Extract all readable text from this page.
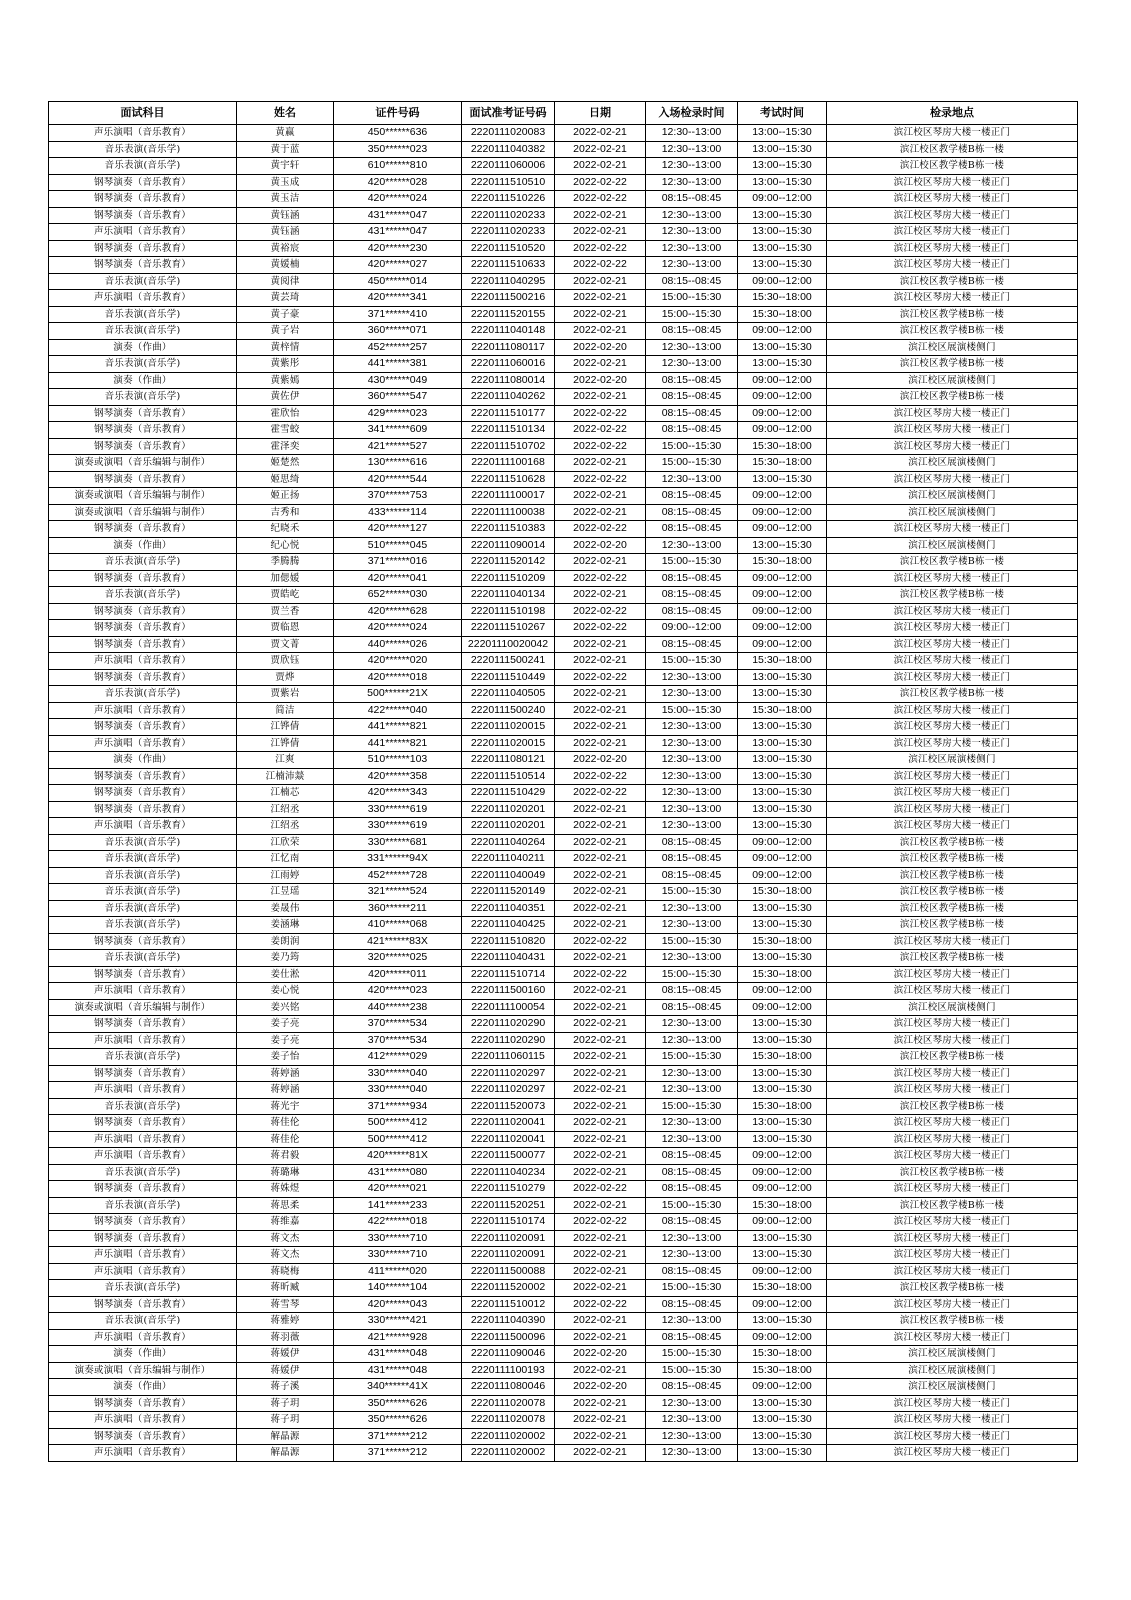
面试科目	姓名	证件号码	面试准考证号码	日期	入场检录时间	考试时间	检录地点
声乐演唱（音乐教育）	黄赢	450******636	2220111020083	2022-02-21	12:30--13:00	13:00--15:30	滨江校区琴房大楼一楼正门
音乐表演(音乐学)	黄于蓝	350******023	2220111040382	2022-02-21	12:30--13:00	13:00--15:30	滨江校区教学楼B栋一楼
音乐表演(音乐学)	黄宇轩	610******810	2220111060006	2022-02-21	12:30--13:00	13:00--15:30	滨江校区教学楼B栋一楼
钢琴演奏（音乐教育）	黄玉成	420******028	2220111510510	2022-02-22	12:30--13:00	13:00--15:30	滨江校区琴房大楼一楼正门
钢琴演奏（音乐教育）	黄玉洁	420******024	2220111510226	2022-02-22	08:15--08:45	09:00--12:00	滨江校区琴房大楼一楼正门
钢琴演奏（音乐教育）	黄钰涵	431******047	2220111020233	2022-02-21	12:30--13:00	13:00--15:30	滨江校区琴房大楼一楼正门
声乐演唱（音乐教育）	黄钰涵	431******047	2220111020233	2022-02-21	12:30--13:00	13:00--15:30	滨江校区琴房大楼一楼正门
钢琴演奏（音乐教育）	黄裕宸	420******230	2220111510520	2022-02-22	12:30--13:00	13:00--15:30	滨江校区琴房大楼一楼正门
钢琴演奏（音乐教育）	黄媛楠	420******027	2220111510633	2022-02-22	12:30--13:00	13:00--15:30	滨江校区琴房大楼一楼正门
音乐表演(音乐学)	黄阅律	450******014	2220111040295	2022-02-21	08:15--08:45	09:00--12:00	滨江校区教学楼B栋一楼
声乐演唱（音乐教育）	黄芸琦	420******341	2220111500216	2022-02-21	15:00--15:30	15:30--18:00	滨江校区琴房大楼一楼正门
音乐表演(音乐学)	黄子豪	371******410	2220111520155	2022-02-21	15:00--15:30	15:30--18:00	滨江校区教学楼B栋一楼
音乐表演(音乐学)	黄子岩	360******071	2220111040148	2022-02-21	08:15--08:45	09:00--12:00	滨江校区教学楼B栋一楼
演奏（作曲）	黄梓情	452******257	2220111080117	2022-02-20	12:30--13:00	13:00--15:30	滨江校区展演楼侧门
音乐表演(音乐学)	黄紫彤	441******381	2220111060016	2022-02-21	12:30--13:00	13:00--15:30	滨江校区教学楼B栋一楼
演奏（作曲）	黄紫嫣	430******049	2220111080014	2022-02-20	08:15--08:45	09:00--12:00	滨江校区展演楼侧门
音乐表演(音乐学)	黄佐伊	360******547	2220111040262	2022-02-21	08:15--08:45	09:00--12:00	滨江校区教学楼B栋一楼
钢琴演奏（音乐教育）	霍欣怡	429******023	2220111510177	2022-02-22	08:15--08:45	09:00--12:00	滨江校区琴房大楼一楼正门
钢琴演奏（音乐教育）	霍雪蛟	341******609	2220111510134	2022-02-22	08:15--08:45	09:00--12:00	滨江校区琴房大楼一楼正门
钢琴演奏（音乐教育）	霍泽奕	421******527	2220111510702	2022-02-22	15:00--15:30	15:30--18:00	滨江校区琴房大楼一楼正门
演奏或演唱（音乐编辑与制作）	姬楚然	130******616	2220111100168	2022-02-21	15:00--15:30	15:30--18:00	滨江校区展演楼侧门
钢琴演奏（音乐教育）	姬思绮	420******544	2220111510628	2022-02-22	12:30--13:00	13:00--15:30	滨江校区琴房大楼一楼正门
演奏或演唱（音乐编辑与制作）	姬正扬	370******753	2220111100017	2022-02-21	08:15--08:45	09:00--12:00	滨江校区展演楼侧门
演奏或演唱（音乐编辑与制作）	吉秀和	433******114	2220111100038	2022-02-21	08:15--08:45	09:00--12:00	滨江校区展演楼侧门
钢琴演奏（音乐教育）	纪晓禾	420******127	2220111510383	2022-02-22	08:15--08:45	09:00--12:00	滨江校区琴房大楼一楼正门
演奏（作曲）	纪心悦	510******045	2220111090014	2022-02-20	12:30--13:00	13:00--15:30	滨江校区展演楼侧门
音乐表演(音乐学)	季腾腾	371******016	2220111520142	2022-02-21	15:00--15:30	15:30--18:00	滨江校区教学楼B栋一楼
钢琴演奏（音乐教育）	加偲媛	420******041	2220111510209	2022-02-22	08:15--08:45	09:00--12:00	滨江校区琴房大楼一楼正门
音乐表演(音乐学)	贾皓屹	652******030	2220111040134	2022-02-21	08:15--08:45	09:00--12:00	滨江校区教学楼B栋一楼
钢琴演奏（音乐教育）	贾兰香	420******628	2220111510198	2022-02-22	08:15--08:45	09:00--12:00	滨江校区琴房大楼一楼正门
钢琴演奏（音乐教育）	贾临恩	420******024	2220111510267	2022-02-22	09:00--12:00	09:00--12:00	滨江校区琴房大楼一楼正门
钢琴演奏（音乐教育）	贾文菁	440******026	22201110020042	2022-02-21	08:15--08:45	09:00--12:00	滨江校区琴房大楼一楼正门
声乐演唱（音乐教育）	贾欣钰	420******020	2220111500241	2022-02-21	15:00--15:30	15:30--18:00	滨江校区琴房大楼一楼正门
钢琴演奏（音乐教育）	贾烨	420******018	2220111510449	2022-02-22	12:30--13:00	13:00--15:30	滨江校区琴房大楼一楼正门
音乐表演(音乐学)	贾紫岩	500******21X	2220111040505	2022-02-21	12:30--13:00	13:00--15:30	滨江校区教学楼B栋一楼
声乐演唱（音乐教育）	简洁	422******040	2220111500240	2022-02-21	15:00--15:30	15:30--18:00	滨江校区琴房大楼一楼正门
钢琴演奏（音乐教育）	江铧倩	441******821	2220111020015	2022-02-21	12:30--13:00	13:00--15:30	滨江校区琴房大楼一楼正门
声乐演唱（音乐教育）	江铧倩	441******821	2220111020015	2022-02-21	12:30--13:00	13:00--15:30	滨江校区琴房大楼一楼正门
演奏（作曲）	江爽	510******103	2220111080121	2022-02-20	12:30--13:00	13:00--15:30	滨江校区展演楼侧门
钢琴演奏（音乐教育）	江楠沛燚	420******358	2220111510514	2022-02-22	12:30--13:00	13:00--15:30	滨江校区琴房大楼一楼正门
钢琴演奏（音乐教育）	江楠芯	420******343	2220111510429	2022-02-22	12:30--13:00	13:00--15:30	滨江校区琴房大楼一楼正门
钢琴演奏（音乐教育）	江绍丞	330******619	2220111020201	2022-02-21	12:30--13:00	13:00--15:30	滨江校区琴房大楼一楼正门
声乐演唱（音乐教育）	江绍丞	330******619	2220111020201	2022-02-21	12:30--13:00	13:00--15:30	滨江校区琴房大楼一楼正门
音乐表演(音乐学)	江欣荣	330******681	2220111040264	2022-02-21	08:15--08:45	09:00--12:00	滨江校区教学楼B栋一楼
音乐表演(音乐学)	江忆南	331******94X	2220111040211	2022-02-21	08:15--08:45	09:00--12:00	滨江校区教学楼B栋一楼
音乐表演(音乐学)	江雨婷	452******728	2220111040049	2022-02-21	08:15--08:45	09:00--12:00	滨江校区教学楼B栋一楼
音乐表演(音乐学)	江昱瑶	321******524	2220111520149	2022-02-21	15:00--15:30	15:30--18:00	滨江校区教学楼B栋一楼
音乐表演(音乐学)	姜晟伟	360******211	2220111040351	2022-02-21	12:30--13:00	13:00--15:30	滨江校区教学楼B栋一楼
音乐表演(音乐学)	姜涵琳	410******068	2220111040425	2022-02-21	12:30--13:00	13:00--15:30	滨江校区教学楼B栋一楼
钢琴演奏（音乐教育）	姜朗润	421******83X	2220111510820	2022-02-22	15:00--15:30	15:30--18:00	滨江校区琴房大楼一楼正门
音乐表演(音乐学)	姜乃筠	320******025	2220111040431	2022-02-21	12:30--13:00	13:00--15:30	滨江校区教学楼B栋一楼
钢琴演奏（音乐教育）	姜仕淞	420******011	2220111510714	2022-02-22	15:00--15:30	15:30--18:00	滨江校区琴房大楼一楼正门
声乐演唱（音乐教育）	姜心悦	420******023	2220111500160	2022-02-21	08:15--08:45	09:00--12:00	滨江校区琴房大楼一楼正门
演奏或演唱（音乐编辑与制作）	姜兴铭	440******238	2220111100054	2022-02-21	08:15--08:45	09:00--12:00	滨江校区展演楼侧门
钢琴演奏（音乐教育）	姜子亮	370******534	2220111020290	2022-02-21	12:30--13:00	13:00--15:30	滨江校区琴房大楼一楼正门
声乐演唱（音乐教育）	姜子亮	370******534	2220111020290	2022-02-21	12:30--13:00	13:00--15:30	滨江校区琴房大楼一楼正门
音乐表演(音乐学)	姜子怡	412******029	2220111060115	2022-02-21	15:00--15:30	15:30--18:00	滨江校区教学楼B栋一楼
钢琴演奏（音乐教育）	蒋婷涵	330******040	2220111020297	2022-02-21	12:30--13:00	13:00--15:30	滨江校区琴房大楼一楼正门
声乐演唱（音乐教育）	蒋婷涵	330******040	2220111020297	2022-02-21	12:30--13:00	13:00--15:30	滨江校区琴房大楼一楼正门
音乐表演(音乐学)	蒋光宇	371******934	2220111520073	2022-02-21	15:00--15:30	15:30--18:00	滨江校区教学楼B栋一楼
钢琴演奏（音乐教育）	蒋佳伦	500******412	2220111020041	2022-02-21	12:30--13:00	13:00--15:30	滨江校区琴房大楼一楼正门
声乐演唱（音乐教育）	蒋佳伦	500******412	2220111020041	2022-02-21	12:30--13:00	13:00--15:30	滨江校区琴房大楼一楼正门
声乐演唱（音乐教育）	蒋君毅	420******81X	2220111500077	2022-02-21	08:15--08:45	09:00--12:00	滨江校区琴房大楼一楼正门
音乐表演(音乐学)	蒋璐琳	431******080	2220111040234	2022-02-21	08:15--08:45	09:00--12:00	滨江校区教学楼B栋一楼
钢琴演奏（音乐教育）	蒋姝煜	420******021	2220111510279	2022-02-22	08:15--08:45	09:00--12:00	滨江校区琴房大楼一楼正门
音乐表演(音乐学)	蒋思柔	141******233	2220111520251	2022-02-21	15:00--15:30	15:30--18:00	滨江校区教学楼B栋一楼
钢琴演奏（音乐教育）	蒋维嘉	422******018	2220111510174	2022-02-22	08:15--08:45	09:00--12:00	滨江校区琴房大楼一楼正门
钢琴演奏（音乐教育）	蒋文杰	330******710	2220111020091	2022-02-21	12:30--13:00	13:00--15:30	滨江校区琴房大楼一楼正门
声乐演唱（音乐教育）	蒋文杰	330******710	2220111020091	2022-02-21	12:30--13:00	13:00--15:30	滨江校区琴房大楼一楼正门
声乐演唱（音乐教育）	蒋晓梅	411******020	2220111500088	2022-02-21	08:15--08:45	09:00--12:00	滨江校区琴房大楼一楼正门
音乐表演(音乐学)	蒋昕臧	140******104	2220111520002	2022-02-21	15:00--15:30	15:30--18:00	滨江校区教学楼B栋一楼
钢琴演奏（音乐教育）	蒋雪琴	420******043	2220111510012	2022-02-22	08:15--08:45	09:00--12:00	滨江校区琴房大楼一楼正门
音乐表演(音乐学)	蒋雅婷	330******421	2220111040390	2022-02-21	12:30--13:00	13:00--15:30	滨江校区教学楼B栋一楼
声乐演唱（音乐教育）	蒋羽薇	421******928	2220111500096	2022-02-21	08:15--08:45	09:00--12:00	滨江校区琴房大楼一楼正门
演奏（作曲）	蒋媛伊	431******048	2220111090046	2022-02-20	15:00--15:30	15:30--18:00	滨江校区展演楼侧门
演奏或演唱（音乐编辑与制作）	蒋媛伊	431******048	2220111100193	2022-02-21	15:00--15:30	15:30--18:00	滨江校区展演楼侧门
演奏（作曲）	蒋子溪	340******41X	2220111080046	2022-02-20	08:15--08:45	09:00--12:00	滨江校区展演楼侧门
钢琴演奏（音乐教育）	蒋子玥	350******626	2220111020078	2022-02-21	12:30--13:00	13:00--15:30	滨江校区琴房大楼一楼正门
声乐演唱（音乐教育）	蒋子玥	350******626	2220111020078	2022-02-21	12:30--13:00	13:00--15:30	滨江校区琴房大楼一楼正门
钢琴演奏（音乐教育）	解晶源	371******212	2220111020002	2022-02-21	12:30--13:00	13:00--15:30	滨江校区琴房大楼一楼正门
声乐演唱（音乐教育）	解晶源	371******212	2220111020002	2022-02-21	12:30--13:00	13:00--15:30	滨江校区琴房大楼一楼正门
